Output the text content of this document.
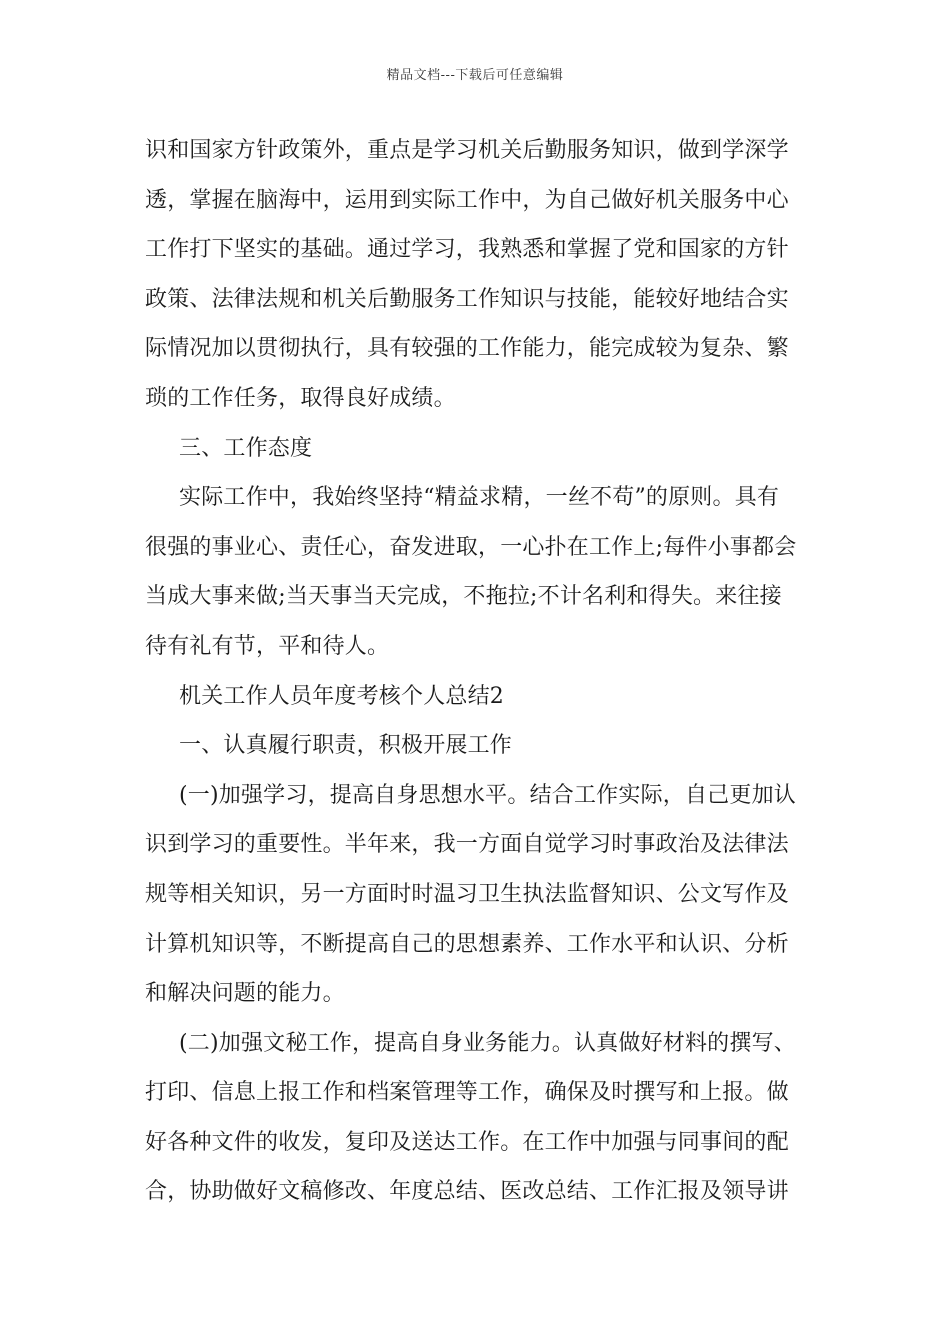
精品文档---下载后可任意编辑
识和国家方针政策外，重点是学习机关后勤服务知识，做到学深学
透，掌握在脑海中，运用到实际工作中，为自己做好机关服务中心
工作打下坚实的基础。通过学习，我熟悉和掌握了党和国家的方针
政策、法律法规和机关后勤服务工作知识与技能，能较好地结合实
际情况加以贯彻执行，具有较强的工作能力，能完成较为复杂、繁
琐的工作任务，取得良好成绩。
三、工作态度
实际工作中，我始终坚持“精益求精，一丝不苟”的原则。具有
很强的事业心、责任心，奋发进取，一心扑在工作上;每件小事都会
当成大事来做;当天事当天完成，不拖拉;不计名利和得失。来往接
待有礼有节，平和待人。
机关工作人员年度考核个人总结2
一、认真履行职责，积极开展工作
(一)加强学习，提高自身思想水平。结合工作实际，自己更加认
识到学习的重要性。半年来，我一方面自觉学习时事政治及法律法
规等相关知识，另一方面时时温习卫生执法监督知识、公文写作及
计算机知识等，不断提高自己的思想素养、工作水平和认识、分析
和解决问题的能力。
(二)加强文秘工作，提高自身业务能力。认真做好材料的撰写、
打印、信息上报工作和档案管理等工作，确保及时撰写和上报。做
好各种文件的收发，复印及送达工作。在工作中加强与同事间的配
合，协助做好文稿修改、年度总结、医改总结、工作汇报及领导讲
